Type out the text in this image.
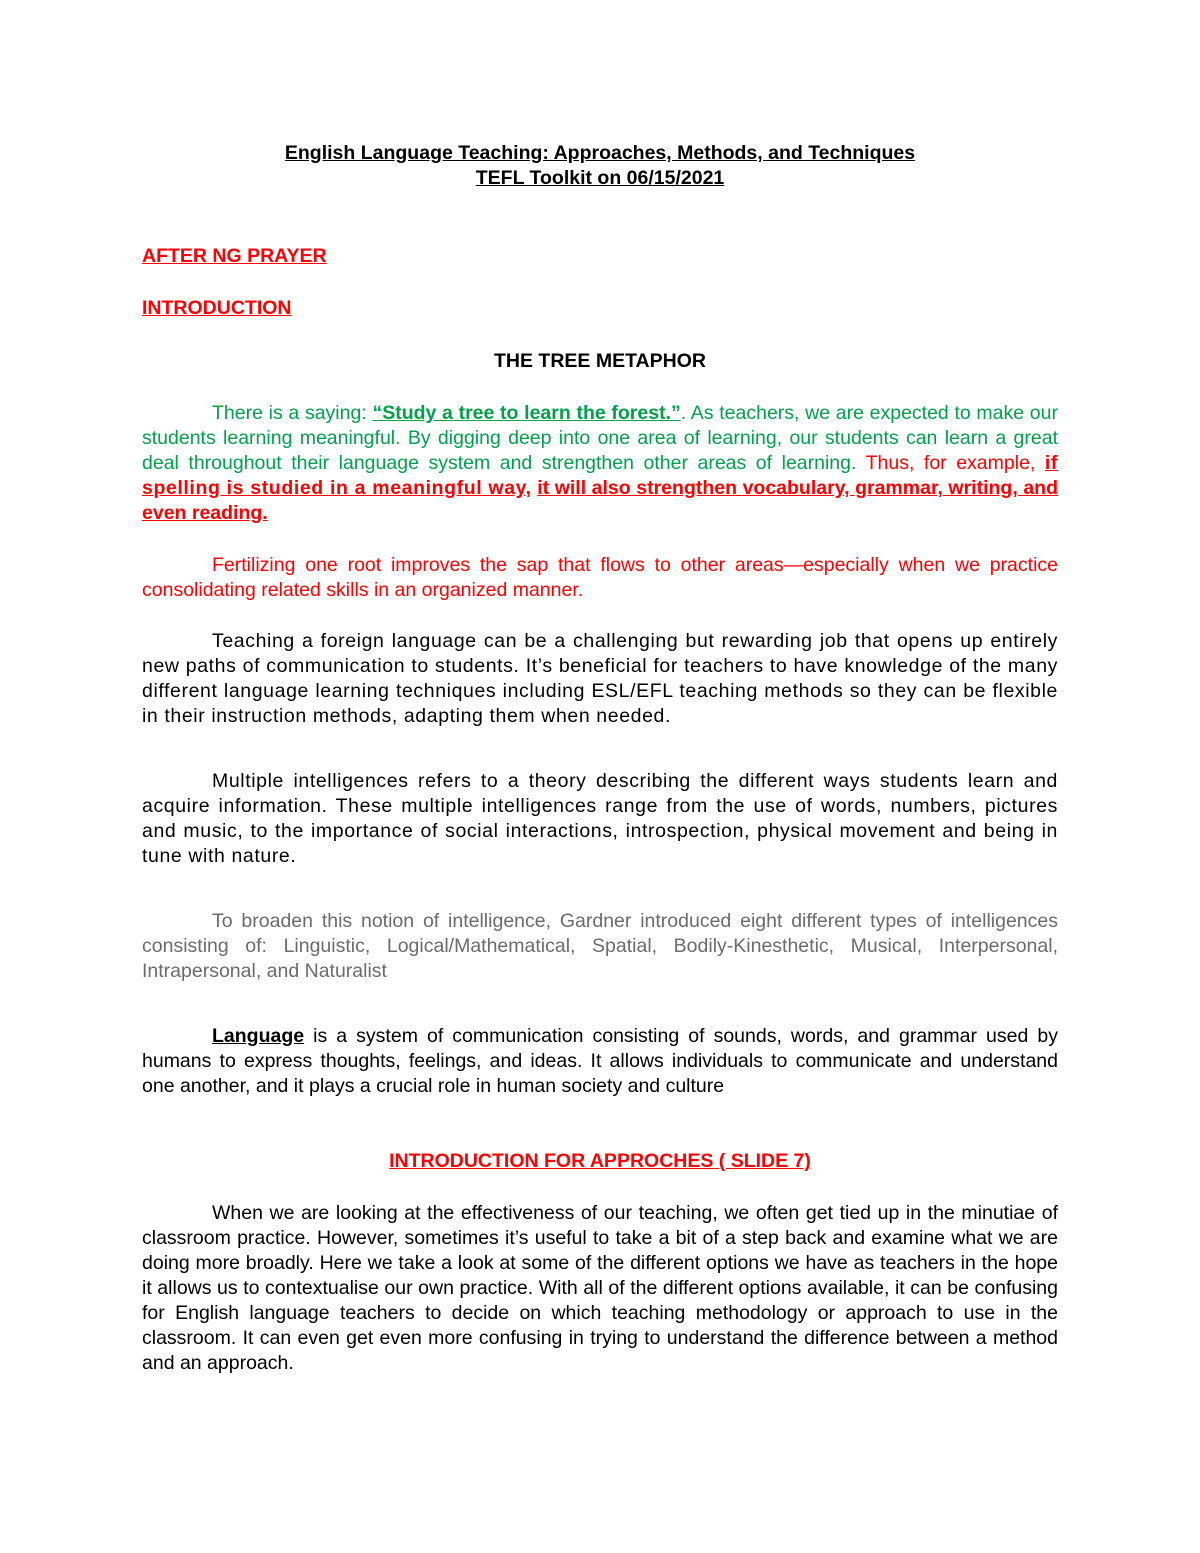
English Language Teaching: Approaches, Methods, and Techniques
TEFL Toolkit on 06/15/2021
AFTER NG PRAYER
INTRODUCTION
THE TREE METAPHOR

There is a saying: “Study a tree to learn the forest.”. As teachers, we are expected to make our students learning meaningful. By digging deep into one area of learning, our students can learn a great deal throughout their language system and strengthen other areas of learning. Thus, for example, if spelling is studied in a meaningful way, it will also strengthen vocabulary, grammar, writing, and even reading.

Fertilizing one root improves the sap that flows to other areas—especially when we practice consolidating related skills in an organized manner.

Teaching a foreign language can be a challenging but rewarding job that opens up entirely new paths of communication to students. It’s beneficial for teachers to have knowledge of the many different language learning techniques including ESL/EFL teaching methods so they can be flexible in their instruction methods, adapting them when needed.

Multiple intelligences refers to a theory describing the different ways students learn and acquire information. These multiple intelligences range from the use of words, numbers, pictures and music, to the importance of social interactions, introspection, physical movement and being in tune with nature.

To broaden this notion of intelligence, Gardner introduced eight different types of intelligences consisting of: Linguistic, Logical/Mathematical, Spatial, Bodily-Kinesthetic, Musical, Interpersonal, Intrapersonal, and Naturalist

Language is a system of communication consisting of sounds, words, and grammar used by humans to express thoughts, feelings, and ideas. It allows individuals to communicate and understand one another, and it plays a crucial role in human society and culture

INTRODUCTION FOR APPROCHES ( SLIDE 7)

When we are looking at the effectiveness of our teaching, we often get tied up in the minutiae of classroom practice. However, sometimes it’s useful to take a bit of a step back and examine what we are doing more broadly. Here we take a look at some of the different options we have as teachers in the hope it allows us to contextualise our own practice. With all of the different options available, it can be confusing for English language teachers to decide on which teaching methodology or approach to use in the classroom. It can even get even more confusing in trying to understand the difference between a method and an approach.
